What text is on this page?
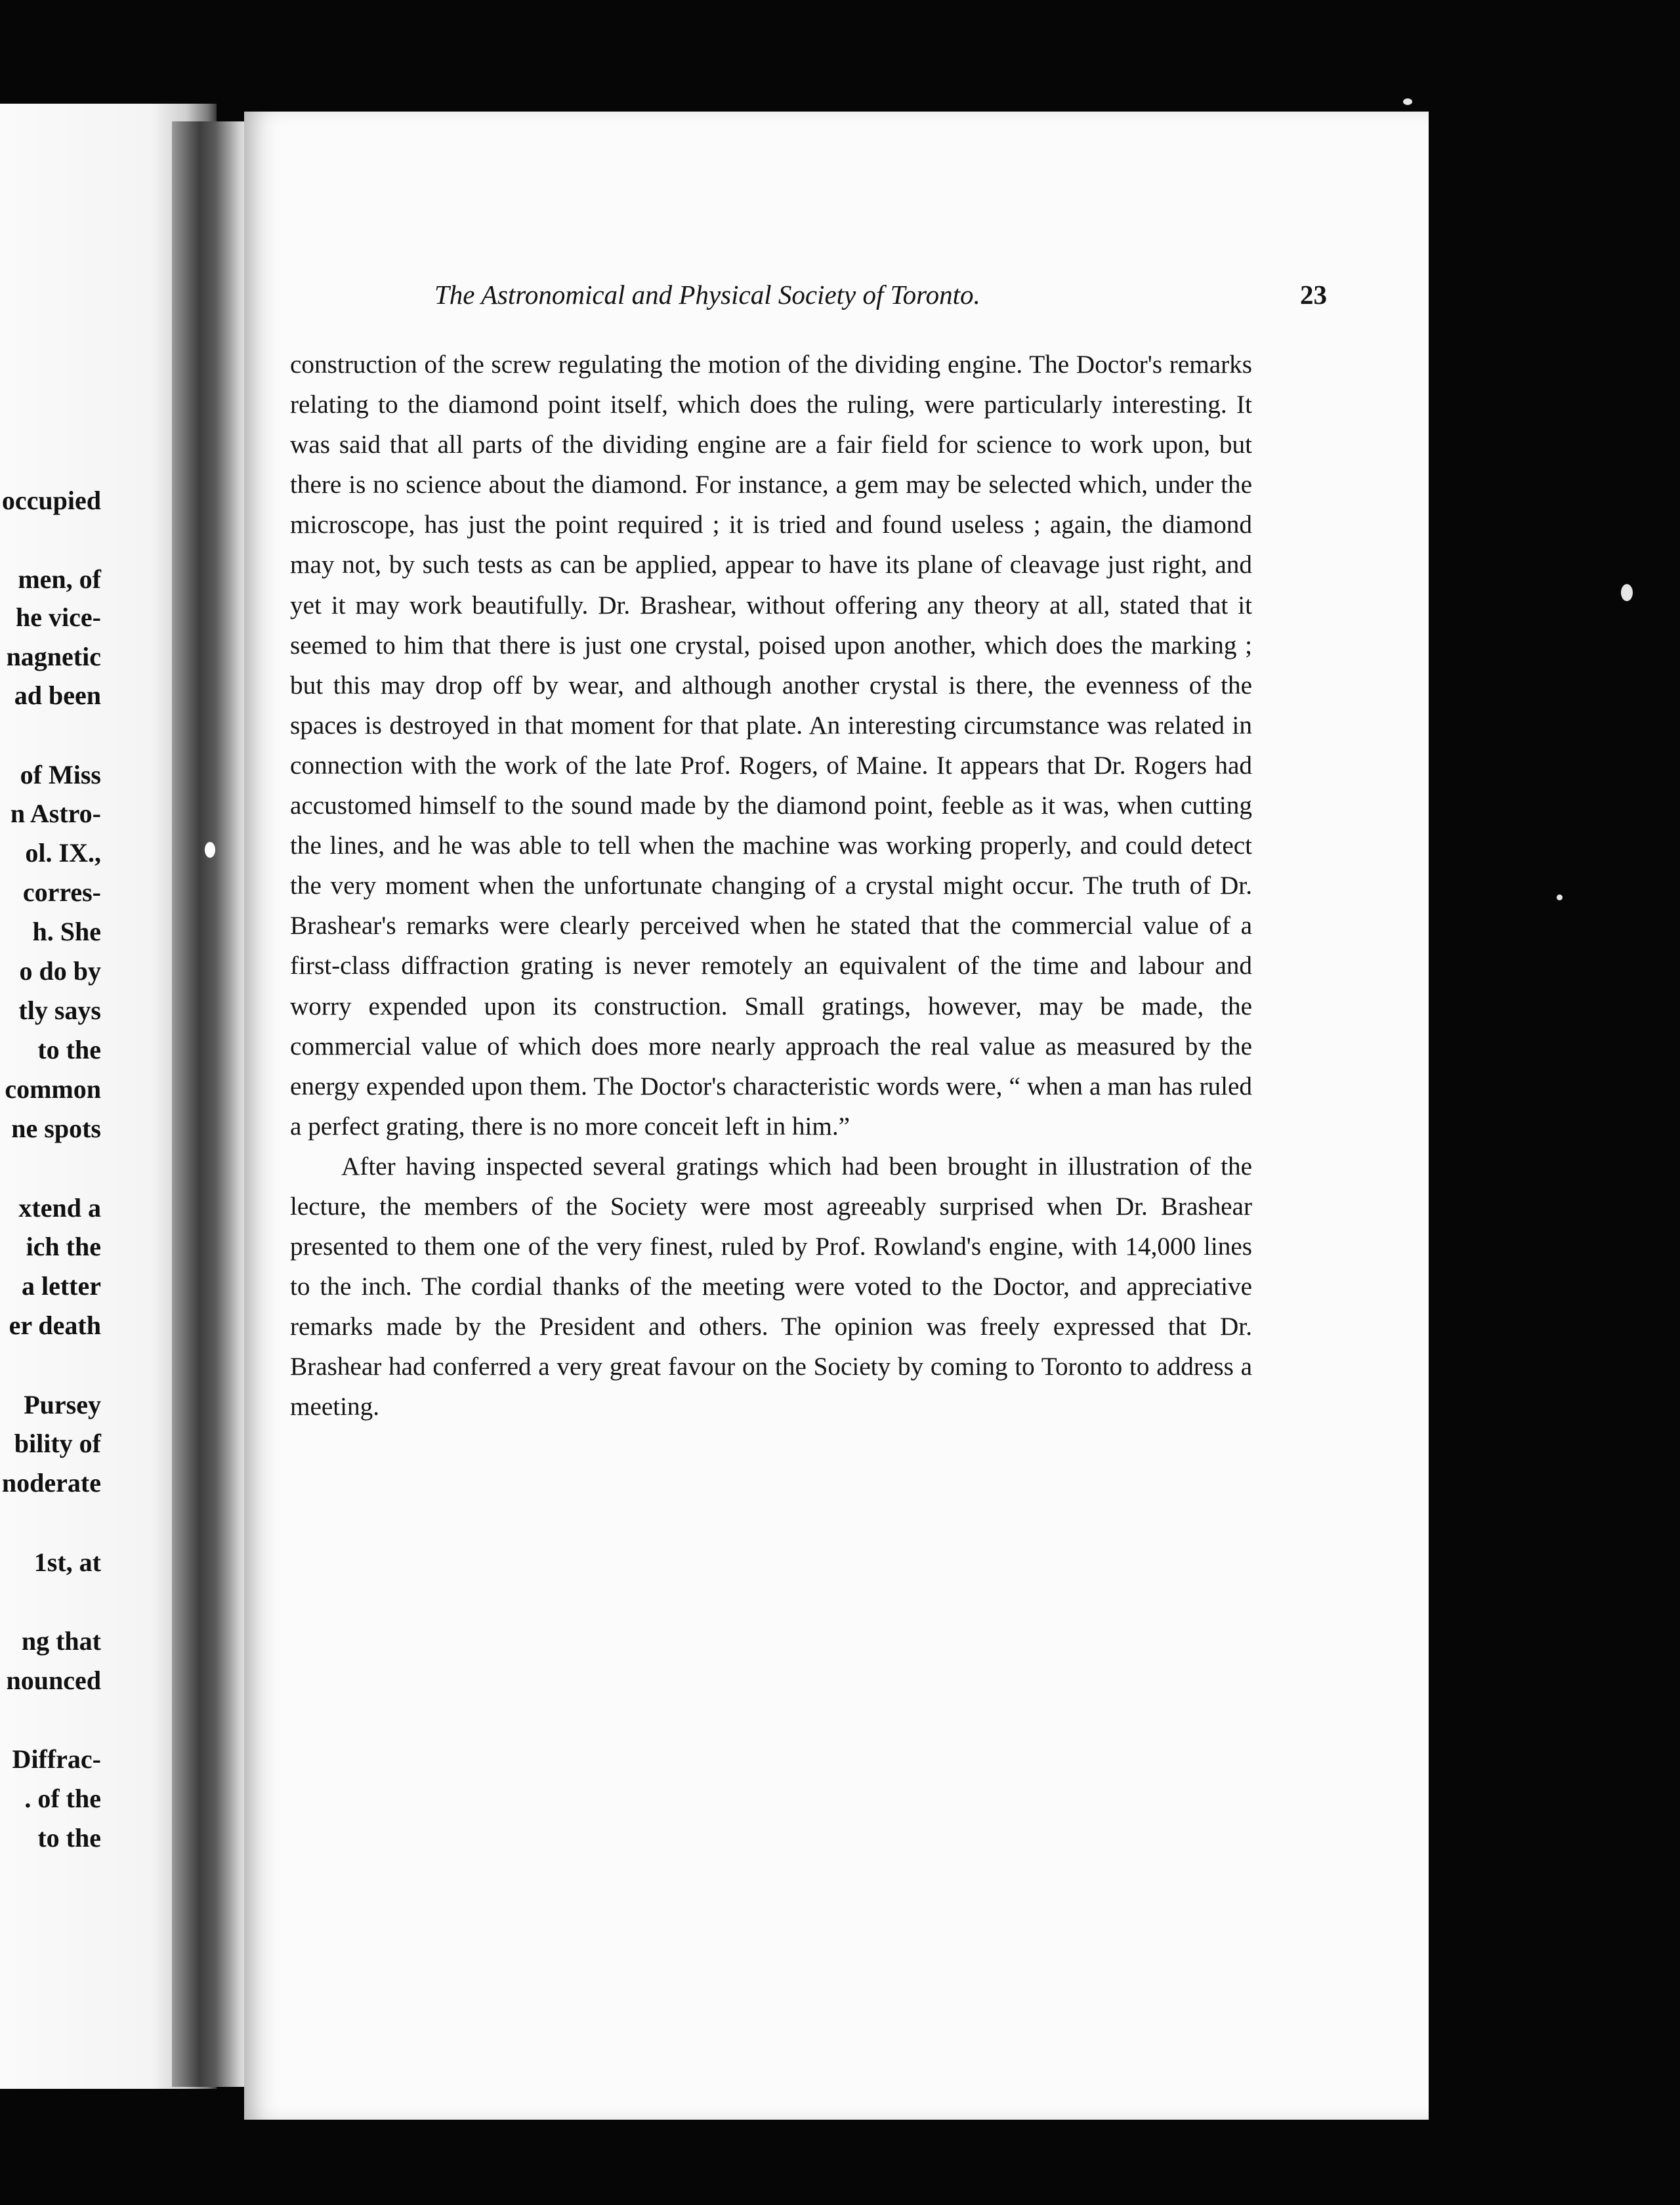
occupied
men, of
he vice-
nagnetic
ad been
of Miss
n Astro-
ol. IX.,
corres-
h. She
o do by
tly says
to the
common
ne spots
xtend a
ich the
a letter
er death
Pursey
bility of
noderate
1st, at
ng that
nounced
Diffrac-
. of the
to the
The Astronomical and Physical Society of Toronto.	23

construction of the screw regulating the motion of the dividing engine. The Doctor's remarks relating to the diamond point itself, which does the ruling, were particularly interesting. It was said that all parts of the dividing engine are a fair field for science to work upon, but there is no science about the diamond. For instance, a gem may be selected which, under the microscope, has just the point required ; it is tried and found useless ; again, the diamond may not, by such tests as can be applied, appear to have its plane of cleavage just right, and yet it may work beautifully. Dr. Brashear, without offering any theory at all, stated that it seemed to him that there is just one crystal, poised upon another, which does the marking ; but this may drop off by wear, and although another crystal is there, the evenness of the spaces is destroyed in that moment for that plate. An interesting circumstance was related in connection with the work of the late Prof. Rogers, of Maine. It appears that Dr. Rogers had accustomed himself to the sound made by the diamond point, feeble as it was, when cutting the lines, and he was able to tell when the machine was working properly, and could detect the very moment when the unfortunate changing of a crystal might occur. The truth of Dr. Brashear's remarks were clearly perceived when he stated that the commercial value of a first-class diffraction grating is never remotely an equivalent of the time and labour and worry expended upon its construction. Small gratings, however, may be made, the commercial value of which does more nearly approach the real value as measured by the energy expended upon them. The Doctor's characteristic words were, “ when a man has ruled a perfect grating, there is no more conceit left in him.”

After having inspected several gratings which had been brought in illustration of the lecture, the members of the Society were most agreeably surprised when Dr. Brashear presented to them one of the very finest, ruled by Prof. Rowland's engine, with 14,000 lines to the inch. The cordial thanks of the meeting were voted to the Doctor, and appreciative remarks made by the President and others. The opinion was freely expressed that Dr. Brashear had conferred a very great favour on the Society by coming to Toronto to address a meeting.
